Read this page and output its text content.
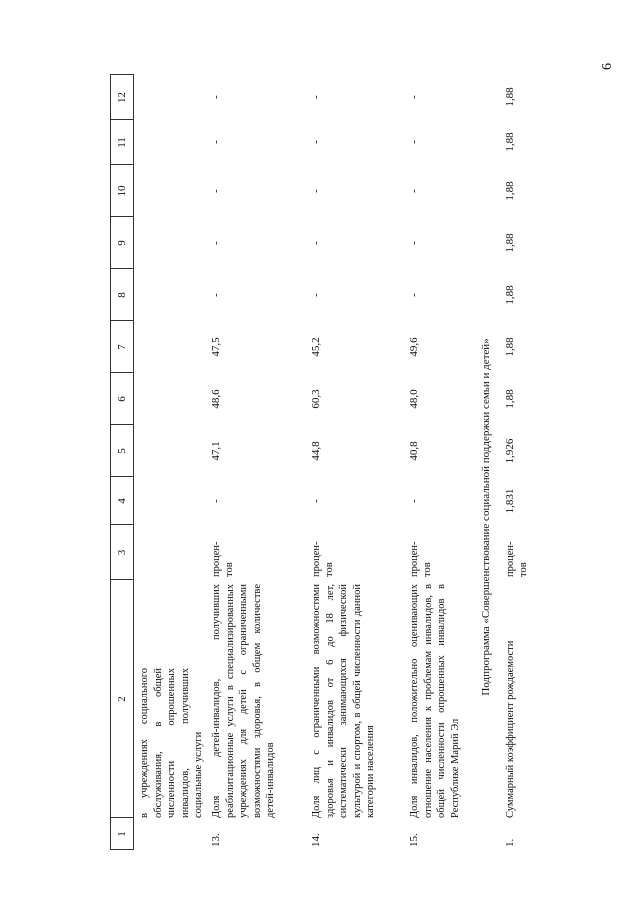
6
1
2
3
4
5
6
7
8
9
10
11
12
в учреждениях социального обслуживания, в общей численности опрошенных инвалидов, получивших социальные услуги
13.
Доля детей-инвалидов, получивших реабилитационные услуги в специализированных учреждениях для детей с ограниченными возможностями здоровья, в общем количестве детей-инвалидов
процен-тов
-
47,1
48,6
47,5
-
-
-
-
-
14.
Доля лиц с ограниченными возможностями здоровья и инвалидов от 6 до 18 лет, систематически занимающихся физической культурой и спортом, в общей численности данной категории населения
процен-тов
-
44,8
60,3
45,2
-
-
-
-
-
15.
Доля инвалидов, положительно оценивающих отношение населения к проблемам инвалидов, в общей численности опрошенных инвалидов в Республике Марий Эл
процен-тов
-
40,8
48,0
49,6
-
-
-
-
-
Подпрограмма «Совершенствование социальной поддержки семьи и детей»
1.
Суммарный коэффициент рождаемости
процен-тов
1,831
1,926
1,88
1,88
1,88
1,88
1,88
1,88
1,88
